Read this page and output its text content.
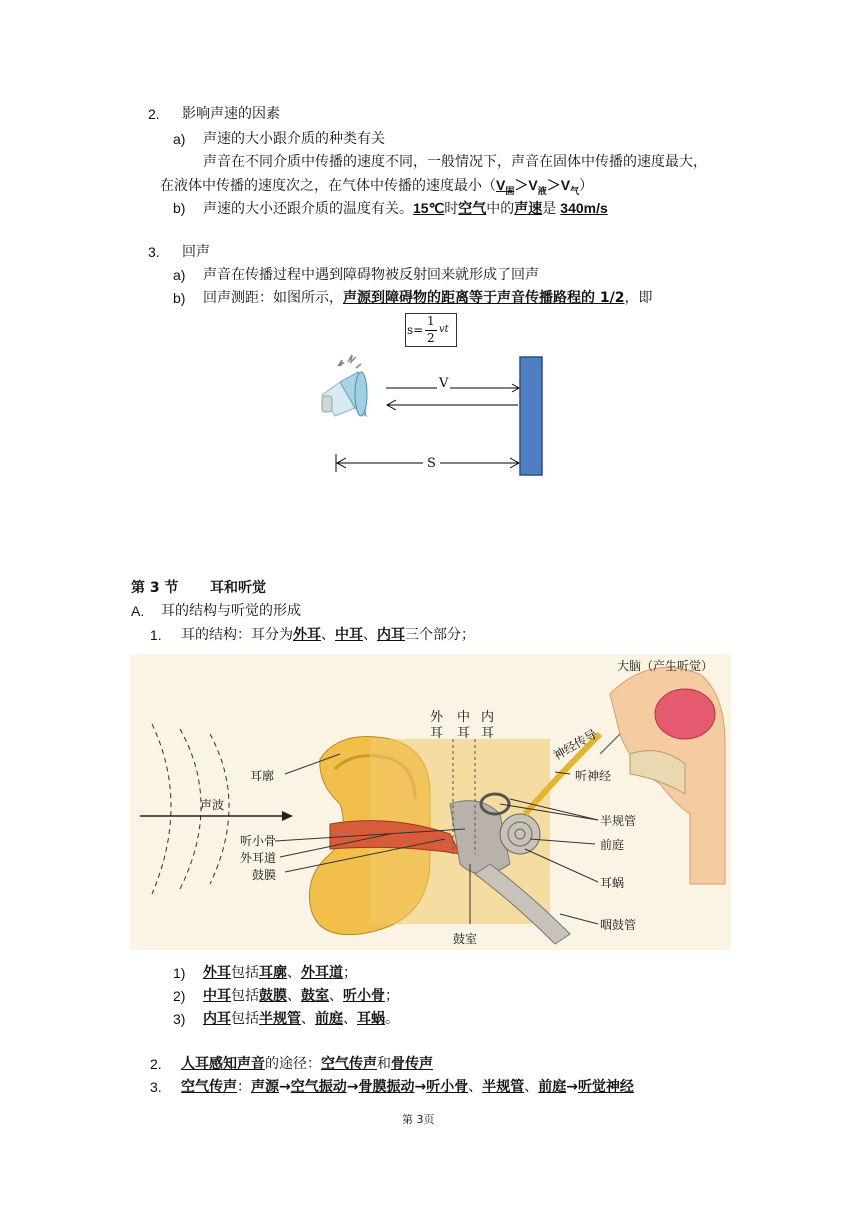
2. 影响声速的因素
a) 声速的大小跟介质的种类有关
声音在不同介质中传播的速度不同，一般情况下，声音在固体中传播的速度最大，
在液体中传播的速度次之，在气体中传播的速度最小$(V_固>V_液>V_气)$
b) 声速的大小还跟介质的温度有关。15℃时空气中的声速是 340m/s
3. 回声
a) 声音在传播过程中遇到障碍物被反射回来就形成了回声
b) 回声测距：如图所示，声源到障碍物的距离等于声音传播路程的 1/2，即
s=
1
2
vt
V
S
第 3 节 耳和听觉
A. 耳的结构与听觉的形成
1. 耳的结构：耳分为外耳、中耳、内耳三个部分；
大脑（产生听觉）
外耳
中耳
内耳	神经传导
听神经
耳廓
声波
听小骨
外耳道
鼓膜
半规管
前庭
耳蜗
咽鼓管
鼓室
1) 外耳包括耳廓、外耳道；
2) 中耳包括鼓膜、鼓室、听小骨；
3) 内耳包括半规管、前庭、耳蜗。
2. 人耳感知声音的途径：空气传声和骨传声
3. 空气传声：声源→空气振动→骨膜振动→听小骨、半规管、前庭→听觉神经
第 3页
